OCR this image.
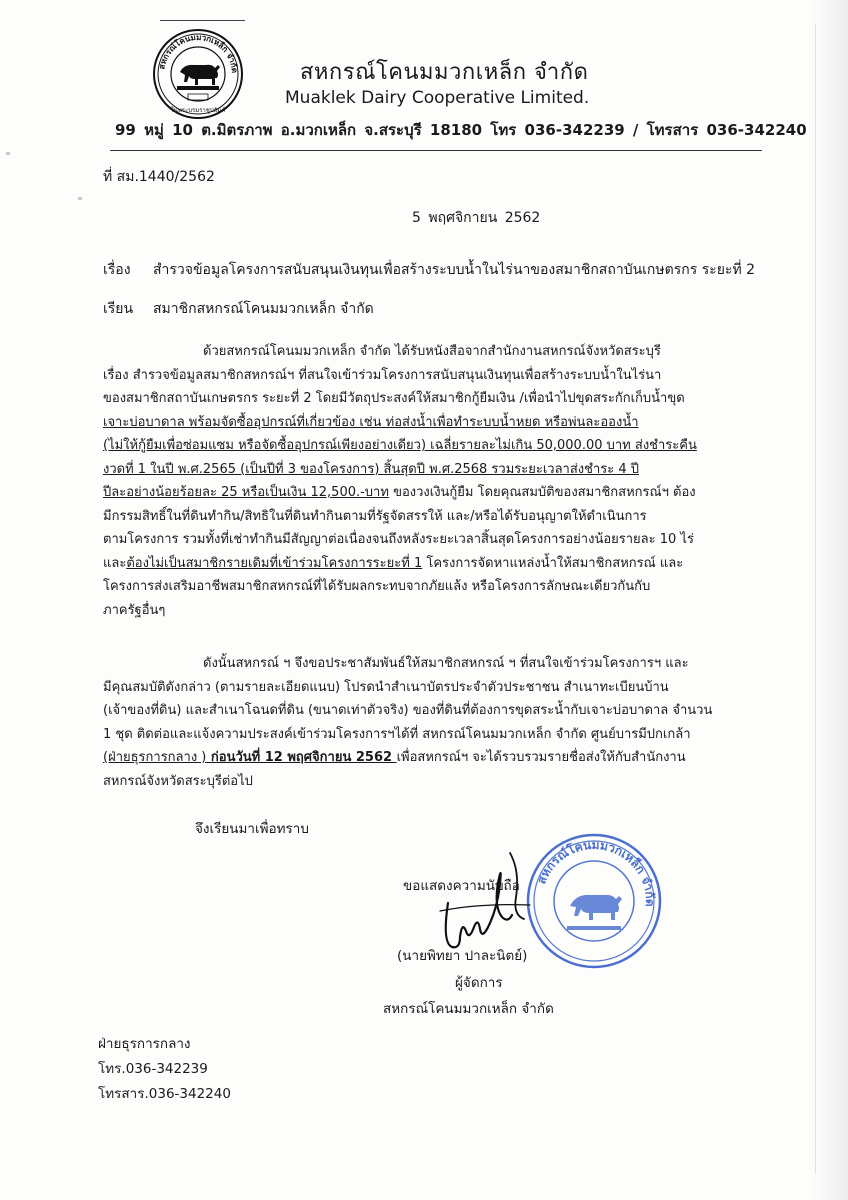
สหกรณ์โคนมมวกเหล็ก จำกัด
ในพระบรมราชูปถัมภ์
สหกรณ์โคนมมวกเหล็ก จำกัด
Muaklek Dairy Cooperative Limited.
99 หมู่ 10 ต.มิตรภาพ อ.มวกเหล็ก จ.สระบุรี 18180 โทร 036-342239 / โทรสาร 036-342240
ที่ สม.1440/2562
5 พฤศจิกายน 2562
เรื่อง สำรวจข้อมูลโครงการสนับสนุนเงินทุนเพื่อสร้างระบบน้ำในไร่นาของสมาชิกสถาบันเกษตรกร ระยะที่ 2
เรียน สมาชิกสหกรณ์โคนมมวกเหล็ก จำกัด
ด้วยสหกรณ์โคนมมวกเหล็ก จำกัด ได้รับหนังสือจากสำนักงานสหกรณ์จังหวัดสระบุรี
เรื่อง สำรวจข้อมูลสมาชิกสหกรณ์ฯ ที่สนใจเข้าร่วมโครงการสนับสนุนเงินทุนเพื่อสร้างระบบน้ำในไร่นา
ของสมาชิกสถาบันเกษตรกร ระยะที่ 2 โดยมีวัตถุประสงค์ให้สมาชิกกู้ยืมเงิน /เพื่อนำไปขุดสระกักเก็บน้ำขุด
เจาะบ่อบาดาล พร้อมจัดซื้ออุปกรณ์ที่เกี่ยวข้อง เช่น ท่อส่งน้ำเพื่อทำระบบน้ำหยด หรือพ่นละอองน้ำ
(ไม่ให้กู้ยืมเพื่อซ่อมแซม หรือจัดซื้ออุปกรณ์เพียงอย่างเดียว) เฉลี่ยรายละไม่เกิน 50,000.00 บาท ส่งชำระคืน
งวดที่ 1 ในปี พ.ศ.2565 (เป็นปีที่ 3 ของโครงการ) สิ้นสุดปี พ.ศ.2568 รวมระยะเวลาส่งชำระ 4 ปี
ปีละอย่างน้อยร้อยละ 25 หรือเป็นเงิน 12,500.-บาท ของวงเงินกู้ยืม โดยคุณสมบัติของสมาชิกสหกรณ์ฯ ต้อง
มีกรรมสิทธิ์ในที่ดินทำกิน/สิทธิในที่ดินทำกินตามที่รัฐจัดสรรให้ และ/หรือได้รับอนุญาตให้ดำเนินการ
ตามโครงการ รวมทั้งที่เช่าทำกินมีสัญญาต่อเนื่องจนถึงหลังระยะเวลาสิ้นสุดโครงการอย่างน้อยรายละ 10 ไร่
และต้องไม่เป็นสมาชิกรายเดิมที่เข้าร่วมโครงการระยะที่ 1 โครงการจัดหาแหล่งน้ำให้สมาชิกสหกรณ์ และ
โครงการส่งเสริมอาชีพสมาชิกสหกรณ์ที่ได้รับผลกระทบจากภัยแล้ง หรือโครงการลักษณะเดียวกันกับ
ภาครัฐอื่นๆ
ดังนั้นสหกรณ์ ฯ จึงขอประชาสัมพันธ์ให้สมาชิกสหกรณ์ ฯ ที่สนใจเข้าร่วมโครงการฯ และ
มีคุณสมบัติดังกล่าว (ตามรายละเอียดแนบ) โปรดนำสำเนาบัตรประจำตัวประชาชน สำเนาทะเบียนบ้าน
(เจ้าของที่ดิน) และสำเนาโฉนดที่ดิน (ขนาดเท่าตัวจริง) ของที่ดินที่ต้องการขุดสระน้ำกับเจาะบ่อบาดาล จำนวน
1 ชุด ติดต่อและแจ้งความประสงค์เข้าร่วมโครงการฯได้ที่ สหกรณ์โคนมมวกเหล็ก จำกัด ศูนย์บารมีปกเกล้า
(ฝ่ายธุรการกลาง ) ก่อนวันที่ 12 พฤศจิกายน 2562 เพื่อสหกรณ์ฯ จะได้รวบรวมรายชื่อส่งให้กับสำนักงาน
สหกรณ์จังหวัดสระบุรีต่อไป
จึงเรียนมาเพื่อทราบ
สหกรณ์โคนมมวกเหล็ก จำกัด
ขอแสดงความนับถือ
(นายพิทยา ปาละนิตย์)
ผู้จัดการ
สหกรณ์โคนมมวกเหล็ก จำกัด
ฝ่ายธุรการกลาง
โทร.036-342239
โทรสาร.036-342240
